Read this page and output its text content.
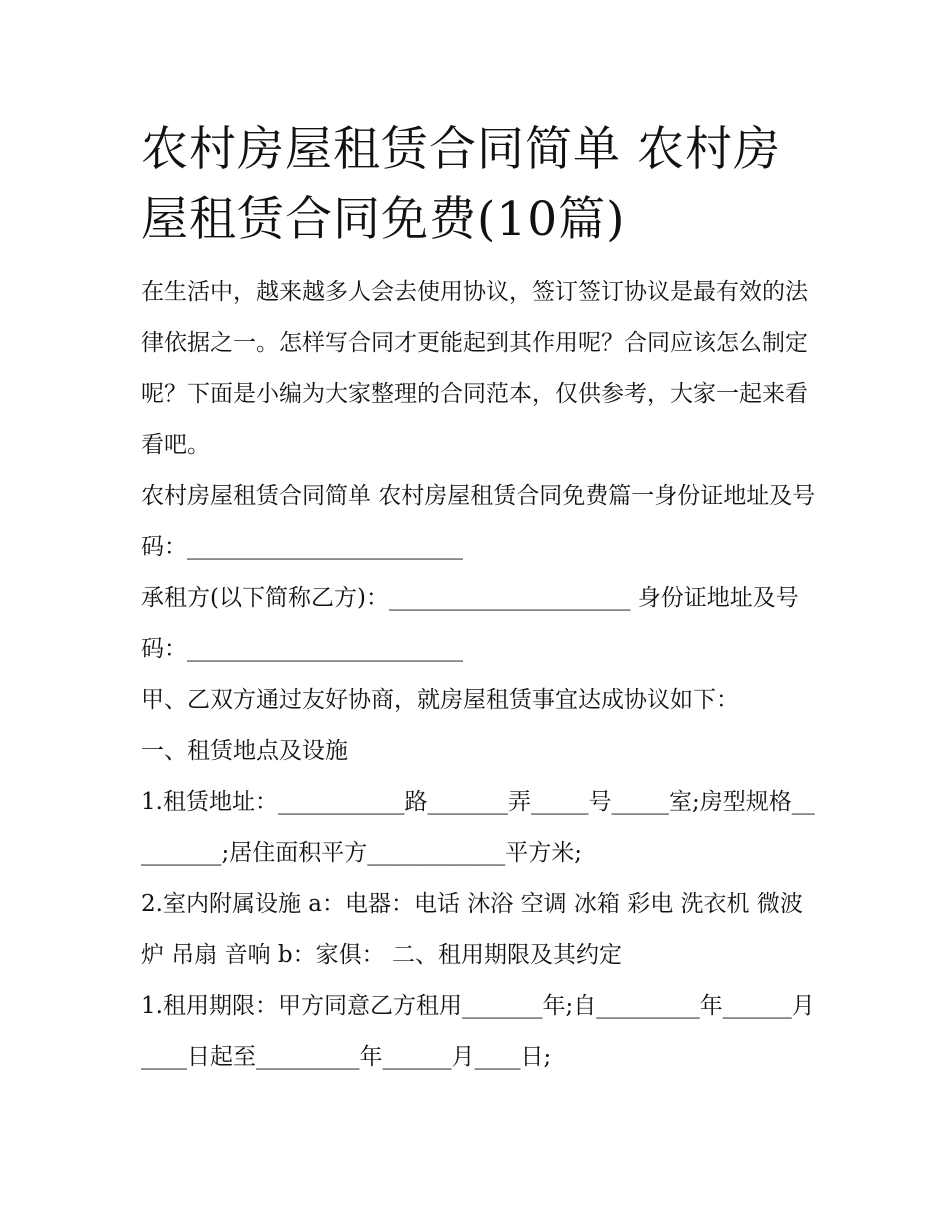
农村房屋租赁合同简单 农村房屋租赁合同免费(10篇)

在生活中，越来越多人会去使用协议，签订签订协议是最有效的法律依据之一。怎样写合同才更能起到其作用呢？合同应该怎么制定呢？下面是小编为大家整理的合同范本，仅供参考，大家一起来看看吧。

农村房屋租赁合同简单 农村房屋租赁合同免费篇一身份证地址及号码：________________________

承租方(以下简称乙方)：_____________________ 身份证地址及号码：________________________

甲、乙双方通过友好协商，就房屋租赁事宜达成协议如下：

一、租赁地点及设施

1.租赁地址：___________路_______弄_____号_____室;房型规格_________;居住面积平方____________平方米;

2.室内附属设施 a：电器：电话 沐浴 空调 冰箱 彩电 洗衣机 微波炉 吊扇 音响 b：家俱： 二、租用期限及其约定

1.租用期限：甲方同意乙方租用_______年;自_________年______月____日起至_________年______月____日;
